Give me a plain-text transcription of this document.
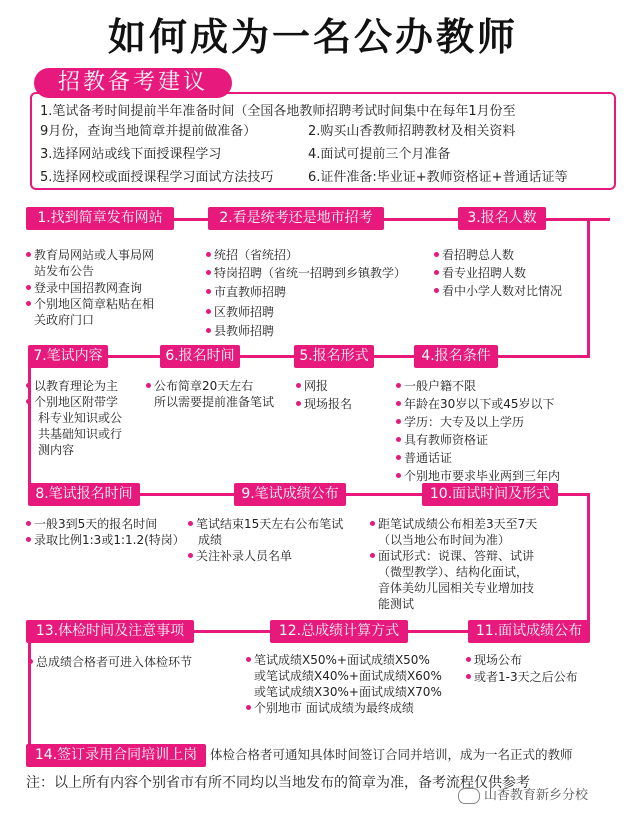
如何成为一名公办教师
招教备考建议
1.笔试备考时间提前半年准备时间（全国各地教师招聘考试时间集中在每年1月份至
9月份，查询当地简章并提前做准备）	2.购买山香教师招聘教材及相关资料
3.选择网站或线下面授课程学习	4.面试可提前三个月准备
5.选择网校或面授课程学习面试方法技巧	6.证件准备:毕业证+教师资格证+普通话证等
1.找到简章发布网站
教育局网站或人事局网
站发布公告
登录中国招教网查询
个别地区简章粘贴在相
关政府门口
2.看是统考还是地市招考
统招（省统招）
特岗招聘（省统一招聘到乡镇教学）
市直教师招聘
区教师招聘
县教师招聘
3.报名人数
看招聘总人数
看专业招聘人数
看中小学人数对比情况
7.笔试内容
以教育理论为主
个别地区附带学
科专业知识或公
共基础知识或行
测内容
6.报名时间
公布简章20天左右
所以需要提前准备笔试
5.报名形式
网报
现场报名
4.报名条件
一般户籍不限
年龄在30岁以下或45岁以下
学历：大专及以上学历
具有教师资格证
普通话证
个别地市要求毕业两到三年内
8.笔试报名时间
一般3到5天的报名时间
录取比例1:3或1:1.2(特岗）
9.笔试成绩公布
笔试结束15天左右公布笔试
成绩
关注补录人员名单
10.面试时间及形式
距笔试成绩公布相差3天至7天
（以当地公布时间为准）
面试形式：说课、答辩、试讲
（微型教学）、结构化面试，
音体美幼儿园相关专业增加技
能测试
13.体检时间及注意事项
总成绩合格者可进入体检环节
12.总成绩计算方式
笔试成绩X50%+面试成绩X50%
或笔试成绩X40%+面试成绩X60%
或笔试成绩X30%+面试成绩X70%
个别地市 面试成绩为最终成绩
11.面试成绩公布
现场公布
或者1-3天之后公布
14.签订录用合同培训上岗	体检合格者可通知具体时间签订合同并培训，成为一名正式的教师
注：以上所有内容个别省市有所不同均以当地发布的简章为准，备考流程仅供参考
山香教育新乡分校
